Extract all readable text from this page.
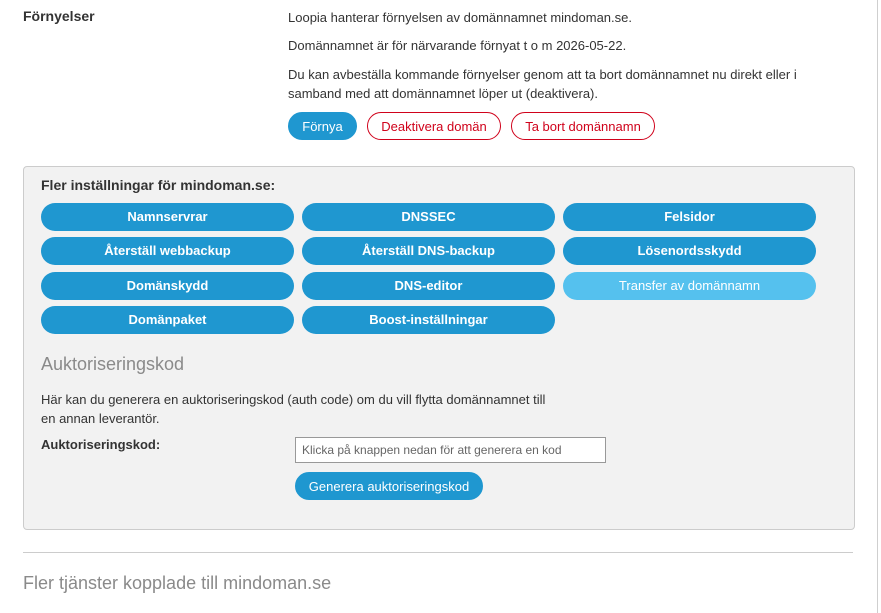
Förnyelser	Loopia hanterar förnyelsen av domännamnet mindoman.se.
Domännamnet är för närvarande förnyat t o m 2026-05-22.
Du kan avbeställa kommande förnyelser genom att ta bort domännamnet nu direkt eller i samband med att domännamnet löper ut (deaktivera).
Förnya	Deaktivera domän	Ta bort domännamn
Fler inställningar för mindoman.se:
Namnservrar	DNSSEC	Felsidor
Återställ webbackup	Återställ DNS-backup	Lösenordsskydd
Domänskydd	DNS-editor	Transfer av domännamn
Domänpaket	Boost-inställningar
Auktoriseringskod
Här kan du generera en auktoriseringskod (auth code) om du vill flytta domännamnet till en annan leverantör.
Auktoriseringskod:
Klicka på knappen nedan för att generera en kod
Generera auktoriseringskod
Fler tjänster kopplade till mindoman.se
